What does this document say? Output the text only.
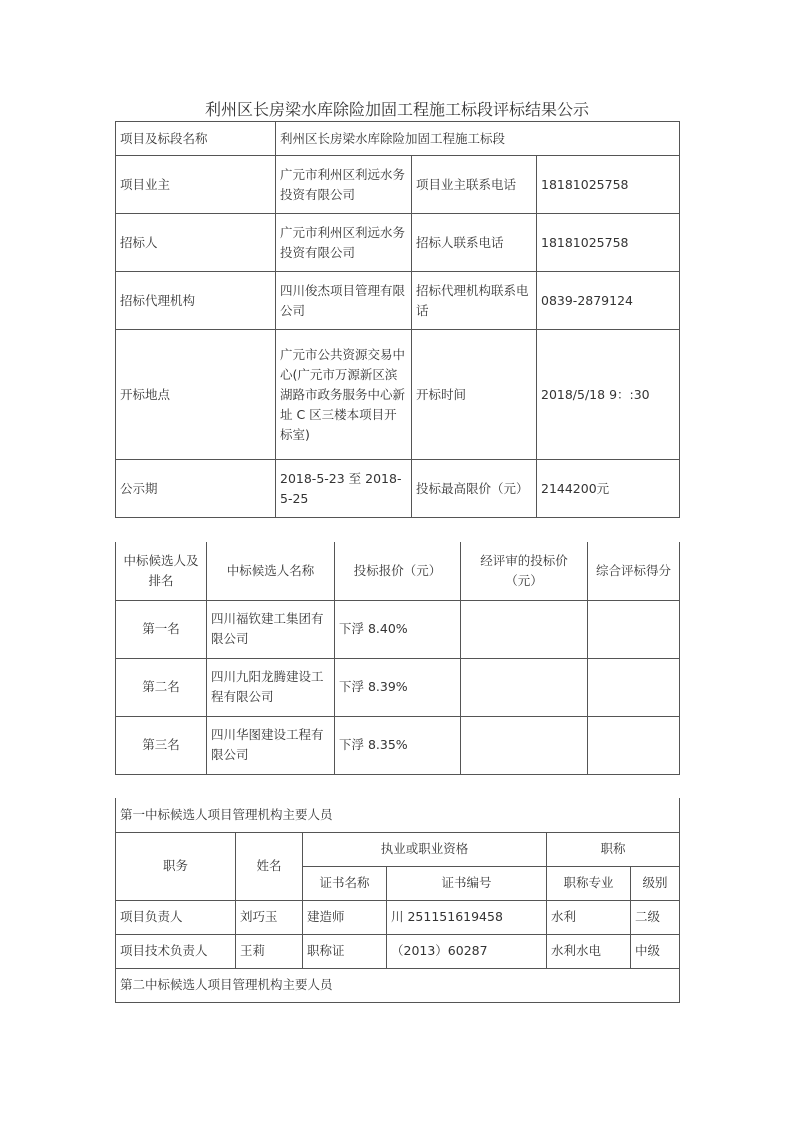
利州区长房梁水库除险加固工程施工标段评标结果公示
项目及标段名称	利州区长房梁水库除险加固工程施工标段		
项目业主	广元市利州区利远水务投资有限公司	项目业主联系电话	18181025758
招标人	广元市利州区利远水务投资有限公司	招标人联系电话	18181025758
招标代理机构	四川俊杰项目管理有限公司	招标代理机构联系电话	0839-2879124
开标地点	广元市公共资源交易中心(广元市万源新区滨湖路市政务服务中心新址 C 区三楼本项目开标室)	开标时间	2018/5/18 9：:30
公示期	2018-5-23 至 2018-5-25	投标最高限价（元）	2144200元
中标候选人及排名	中标候选人名称	投标报价（元）	经评审的投标价（元）	综合评标得分
第一名	四川福钦建工集团有限公司	下浮 8.40%		
第二名	四川九阳龙腾建设工程有限公司	下浮 8.39%		
第三名	四川华图建设工程有限公司	下浮 8.35%		
第一中标候选人项目管理机构主要人员					
职务	姓名	执业或职业资格		职称	
		证书名称	证书编号	职称专业	级别
项目负责人	刘巧玉	建造师	川 251151619458	水利	二级
项目技术负责人	王莉	职称证	（2013）60287	水利水电	中级
第二中标候选人项目管理机构主要人员					
